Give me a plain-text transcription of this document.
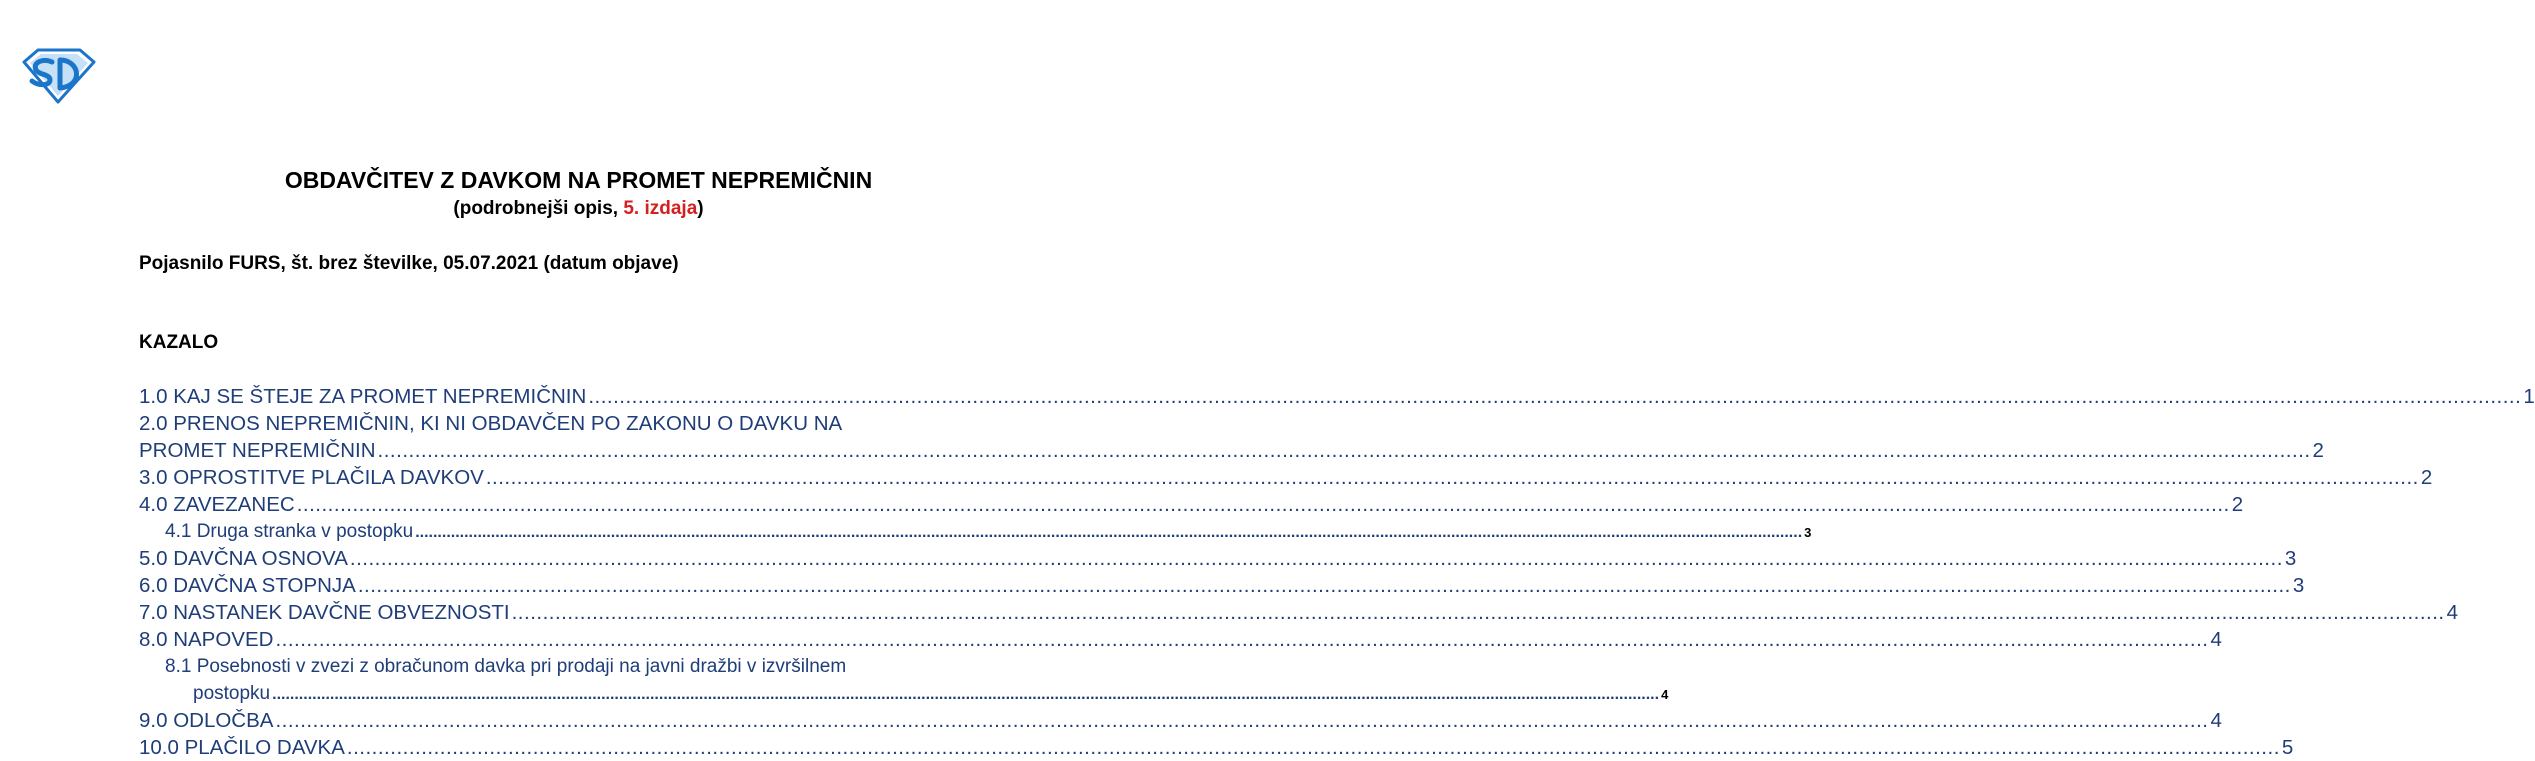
OBDAVČITEV Z DAVKOM NA PROMET NEPREMIČNIN
(podrobnejši opis, 5. izdaja)
Pojasnilo FURS, št. brez številke, 05.07.2021 (datum objave)
KAZALO
1.0 KAJ SE ŠTEJE ZA PROMET NEPREMIČNIN .....	1
2.0 PRENOS NEPREMIČNIN, KI NI OBDAVČEN PO ZAKONU O DAVKU NA
PROMET NEPREMIČNIN .....	2
3.0 OPROSTITVE PLAČILA DAVKOV .....	2
4.0 ZAVEZANEC .....	2
4.1 Druga stranka v postopku .....	3
5.0 DAVČNA OSNOVA .....	3
6.0 DAVČNA STOPNJA .....	3
7.0 NASTANEK DAVČNE OBVEZNOSTI .....	4
8.0 NAPOVED .....	4
8.1 Posebnosti v zvezi z obračunom davka pri prodaji na javni dražbi v izvršilnem
postopku .....	4
9.0 ODLOČBA .....	4
10.0 PLAČILO DAVKA .....	5
